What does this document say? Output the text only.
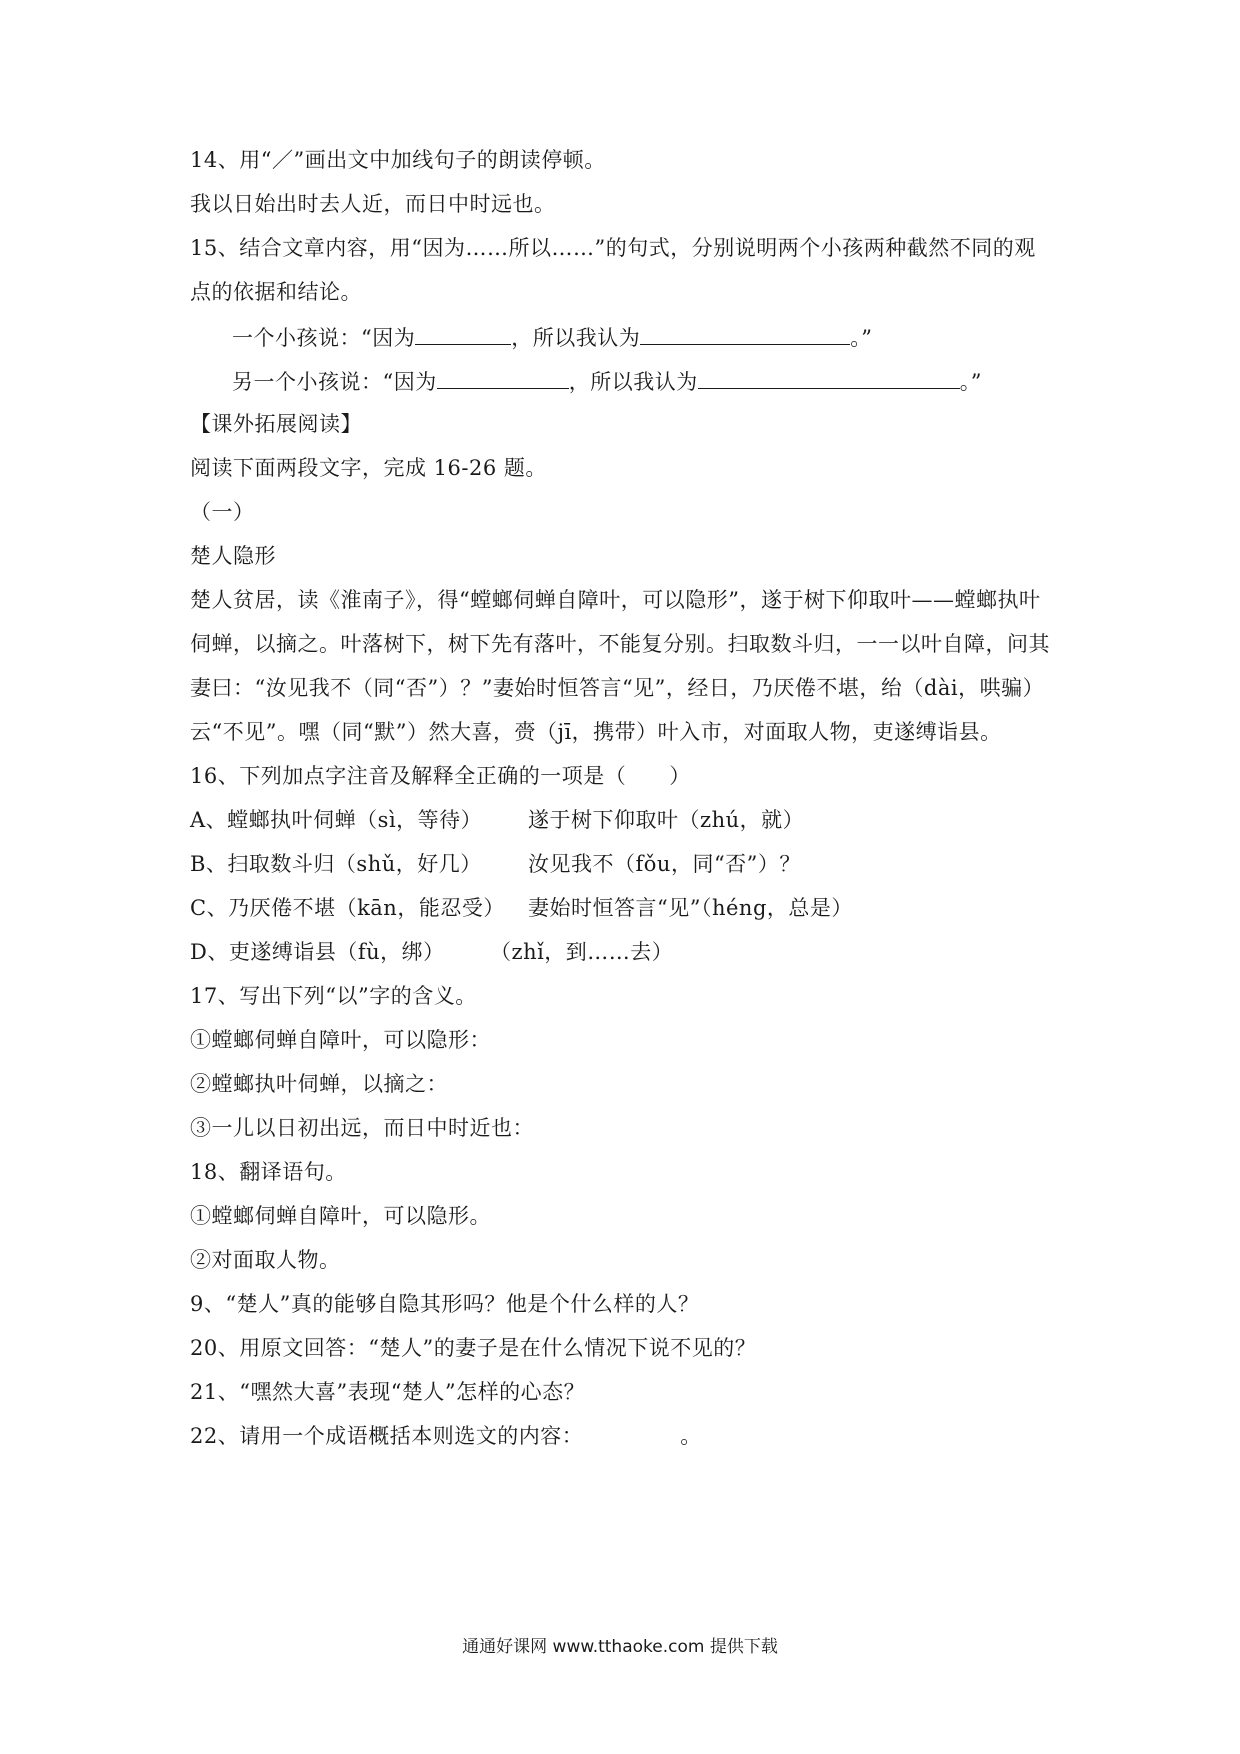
14、用“／”画出文中加线句子的朗读停顿。
我以日始出时去人近，而日中时远也。
15、结合文章内容，用“因为……所以……”的句式，分别说明两个小孩两种截然不同的观
点的依据和结论。
一个小孩说：“因为	，所以我认为	。”
另一个小孩说：“因为	，所以我认为	。”
【课外拓展阅读】
阅读下面两段文字，完成 16-26 题。
（一）
楚人隐形
楚人贫居，读《淮南子》，得“螳螂伺蝉自障叶，可以隐形”，遂于树下仰取叶——螳螂执叶
伺蝉，以摘之。叶落树下，树下先有落叶，不能复分别。扫取数斗归，一一以叶自障，问其
妻曰：“汝见我不（同“否”）？”妻始时恒答言“见”，经日，乃厌倦不堪，绐（dài，哄骗）
云“不见”。嘿（同“默”）然大喜，赍（jī，携带）叶入市，对面取人物，吏遂缚诣县。
16、下列加点字注音及解释全正确的一项是（　　）
A、螳螂执叶伺蝉（sì，等待） 遂于树下仰取叶（zhú，就）
B、扫取数斗归（shǔ，好几） 汝见我不（fǒu，同“否”）？
C、乃厌倦不堪（kān，能忍受） 妻始时恒答言“见”（héng，总是）
D、吏遂缚诣县（fù，绑） （zhǐ，到……去）
17、写出下列“以”字的含义。
①螳螂伺蝉自障叶，可以隐形：
②螳螂执叶伺蝉，以摘之：
③一儿以日初出远，而日中时近也：
18、翻译语句。
①螳螂伺蝉自障叶，可以隐形。
②对面取人物。
9、“楚人”真的能够自隐其形吗？他是个什么样的人？
20、用原文回答：“楚人”的妻子是在什么情况下说不见的？
21、“嘿然大喜”表现“楚人”怎样的心态？
22、请用一个成语概括本则选文的内容：　　　　　。
通通好课网 www.tthaoke.com 提供下载
